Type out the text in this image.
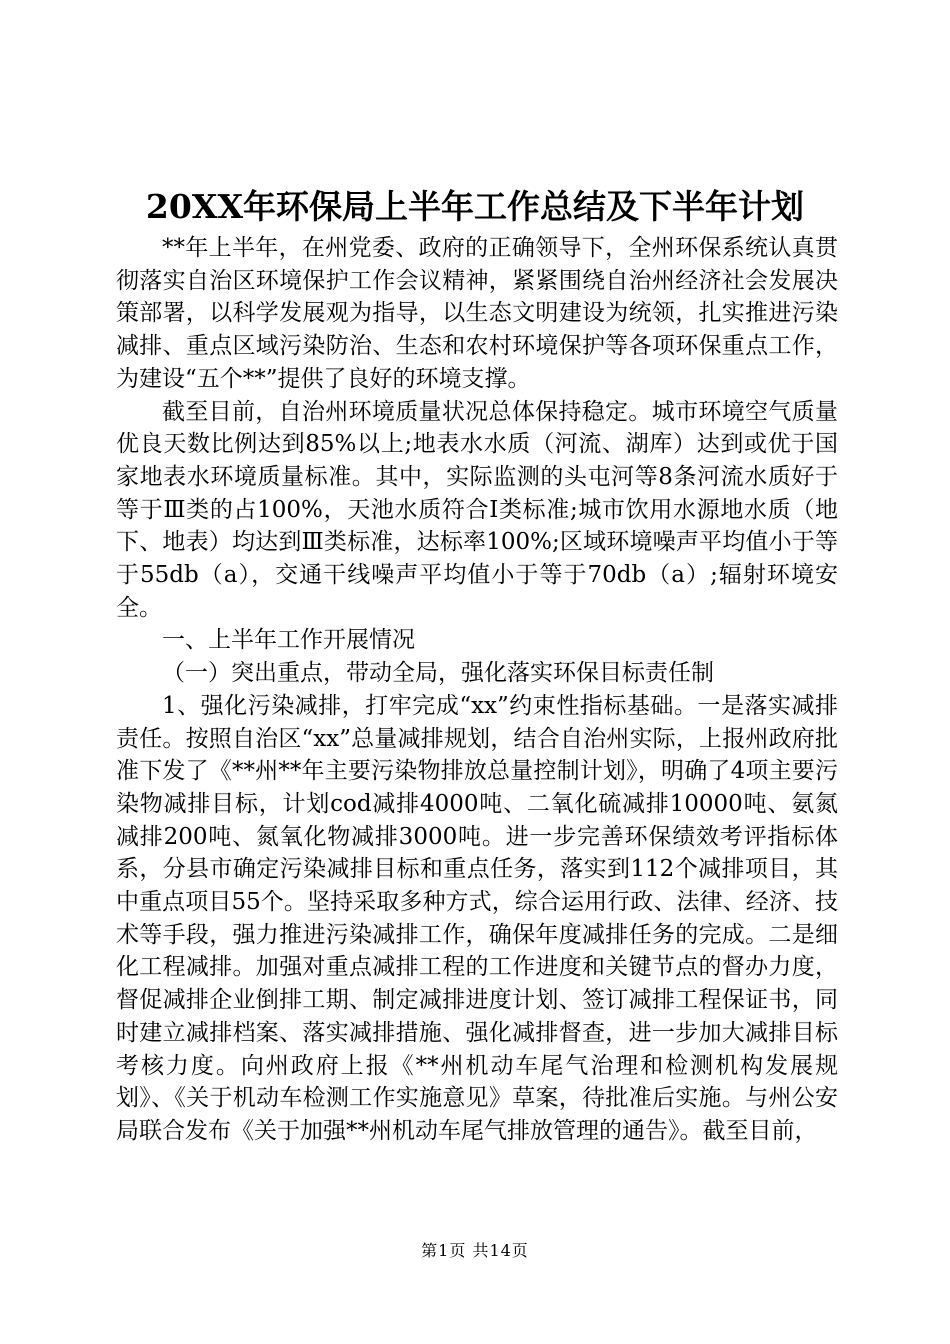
20XX年环保局上半年工作总结及下半年计划

**年上半年，在州党委、政府的正确领导下，全州环保系统认真贯彻落实自治区环境保护工作会议精神，紧紧围绕自治州经济社会发展决策部署，以科学发展观为指导，以生态文明建设为统领，扎实推进污染减排、重点区域污染防治、生态和农村环境保护等各项环保重点工作，为建设“五个**”提供了良好的环境支撑。

截至目前，自治州环境质量状况总体保持稳定。城市环境空气质量优良天数比例达到85%以上;地表水水质（河流、湖库）达到或优于国家地表水环境质量标准。其中，实际监测的头屯河等8条河流水质好于等于Ⅲ类的占100%，天池水质符合Ⅰ类标准;城市饮用水源地水质（地下、地表）均达到Ⅲ类标准，达标率100%;区域环境噪声平均值小于等于55db（a），交通干线噪声平均值小于等于70db（a）;辐射环境安全。

一、上半年工作开展情况

（一）突出重点，带动全局，强化落实环保目标责任制

1、强化污染减排，打牢完成“xx”约束性指标基础。一是落实减排责任。按照自治区“xx”总量减排规划，结合自治州实际，上报州政府批准下发了《**州**年主要污染物排放总量控制计划》，明确了4项主要污染物减排目标，计划cod减排4000吨、二氧化硫减排10000吨、氨氮减排200吨、氮氧化物减排3000吨。进一步完善环保绩效考评指标体系，分县市确定污染减排目标和重点任务，落实到112个减排项目，其中重点项目55个。坚持采取多种方式，综合运用行政、法律、经济、技术等手段，强力推进污染减排工作，确保年度减排任务的完成。二是细化工程减排。加强对重点减排工程的工作进度和关键节点的督办力度，督促减排企业倒排工期、制定减排进度计划、签订减排工程保证书，同时建立减排档案、落实减排措施、强化减排督查，进一步加大减排目标考核力度。向州政府上报《**州机动车尾气治理和检测机构发展规划》、《关于机动车检测工作实施意见》草案，待批准后实施。与州公安局联合发布《关于加强**州机动车尾气排放管理的通告》。截至目前，

第1页 共14页
